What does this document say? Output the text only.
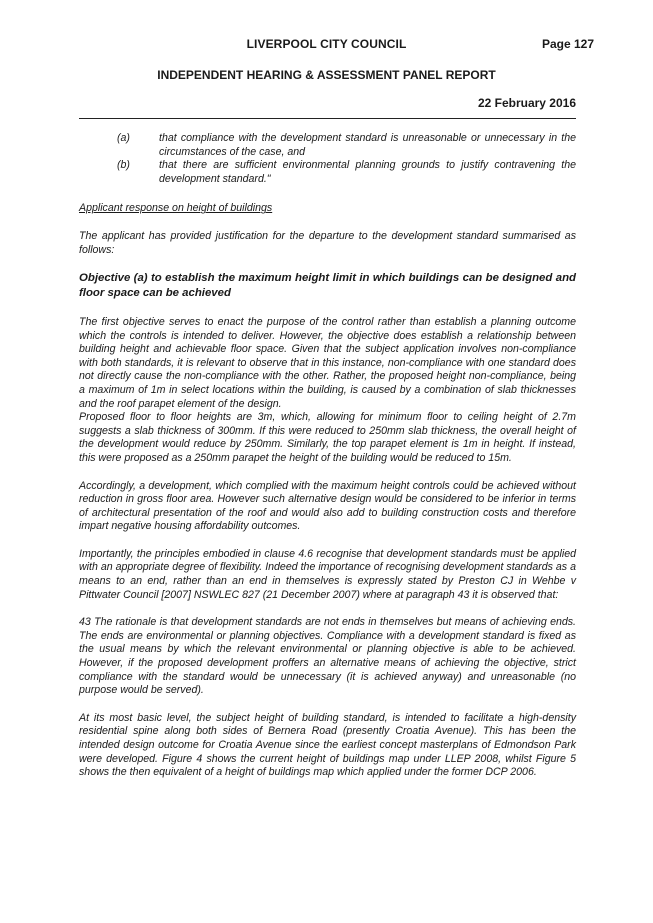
LIVERPOOL CITY COUNCIL	Page 127
INDEPENDENT HEARING & ASSESSMENT PANEL REPORT
22 February 2016
(a)	that compliance with the development standard is unreasonable or unnecessary in the circumstances of the case, and
(b)	that there are sufficient environmental planning grounds to justify contravening the development standard."
Applicant response on height of buildings

The applicant has provided justification for the departure to the development standard summarised as follows:

Objective (a) to establish the maximum height limit in which buildings can be designed and floor space can be achieved

The first objective serves to enact the purpose of the control rather than establish a planning outcome which the controls is intended to deliver. However, the objective does establish a relationship between building height and achievable floor space. Given that the subject application involves non-compliance with both standards, it is relevant to observe that in this instance, non-compliance with one standard does not directly cause the non-compliance with the other. Rather, the proposed height non-compliance, being a maximum of 1m in select locations within the building, is caused by a combination of slab thicknesses and the roof parapet element of the design.

Proposed floor to floor heights are 3m, which, allowing for minimum floor to ceiling height of 2.7m suggests a slab thickness of 300mm. If this were reduced to 250mm slab thickness, the overall height of the development would reduce by 250mm. Similarly, the top parapet element is 1m in height. If instead, this were proposed as a 250mm parapet the height of the building would be reduced to 15m.

Accordingly, a development, which complied with the maximum height controls could be achieved without reduction in gross floor area. However such alternative design would be considered to be inferior in terms of architectural presentation of the roof and would also add to building construction costs and therefore impart negative housing affordability outcomes.

Importantly, the principles embodied in clause 4.6 recognise that development standards must be applied with an appropriate degree of flexibility. Indeed the importance of recognising development standards as a means to an end, rather than an end in themselves is expressly stated by Preston CJ in Wehbe v Pittwater Council [2007] NSWLEC 827 (21 December 2007) where at paragraph 43 it is observed that:

43 The rationale is that development standards are not ends in themselves but means of achieving ends. The ends are environmental or planning objectives. Compliance with a development standard is fixed as the usual means by which the relevant environmental or planning objective is able to be achieved. However, if the proposed development proffers an alternative means of achieving the objective, strict compliance with the standard would be unnecessary (it is achieved anyway) and unreasonable (no purpose would be served).

At its most basic level, the subject height of building standard, is intended to facilitate a high-density residential spine along both sides of Bernera Road (presently Croatia Avenue). This has been the intended design outcome for Croatia Avenue since the earliest concept masterplans of Edmondson Park were developed. Figure 4 shows the current height of buildings map under LLEP 2008, whilst Figure 5 shows the then equivalent of a height of buildings map which applied under the former DCP 2006.
